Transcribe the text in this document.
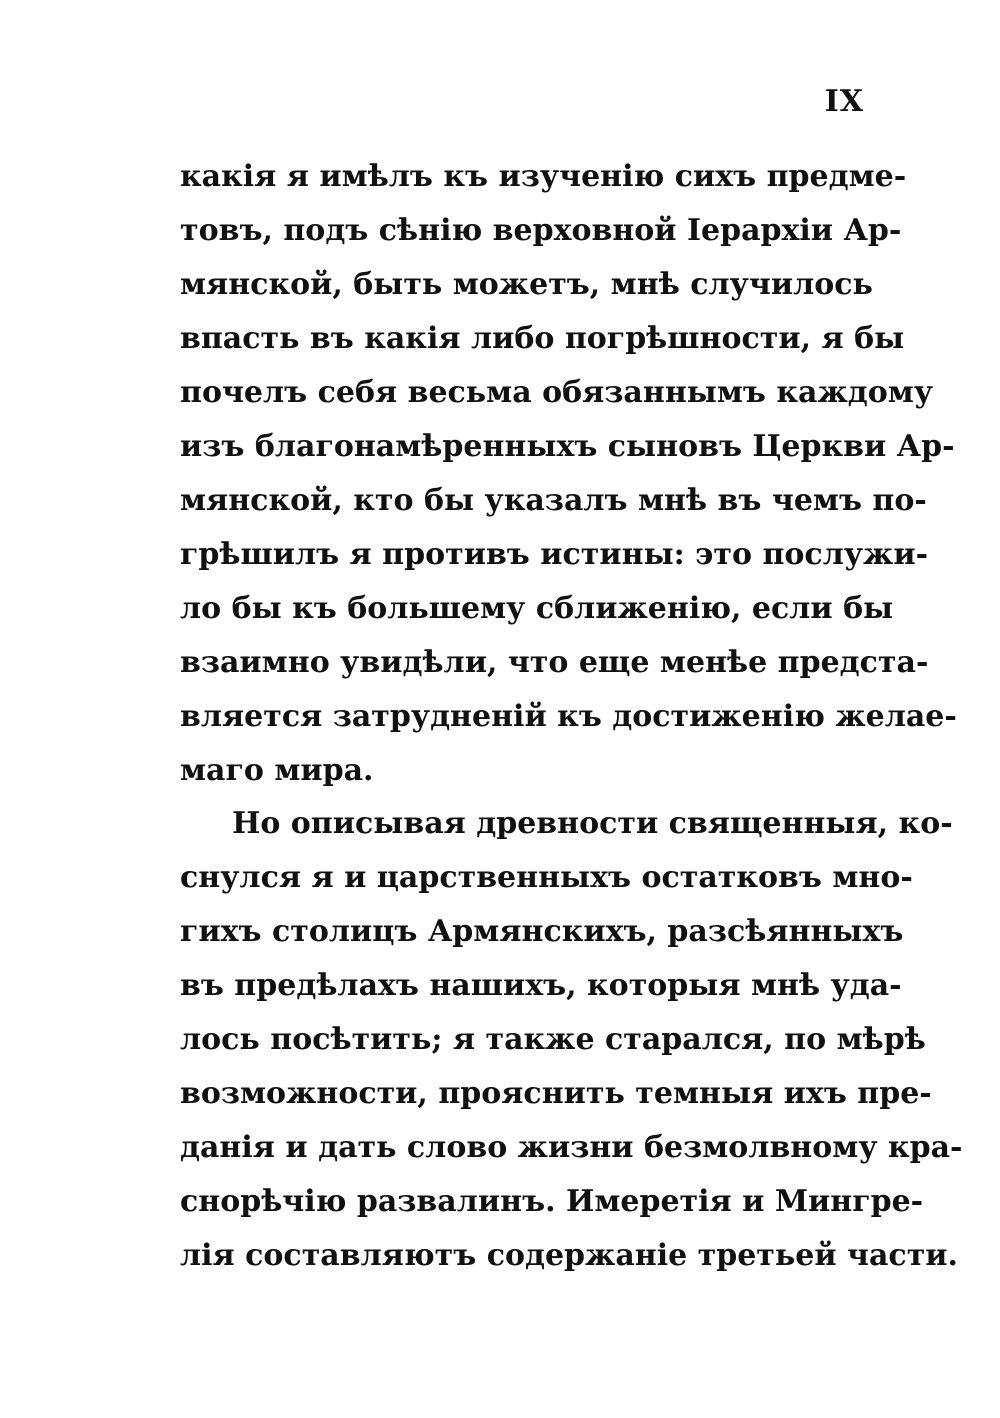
IX
какія я имѣлъ къ изученію сихъ предме-
товъ, подъ сѣнію верховной Іерархіи Ар-
мянской, быть можетъ, мнѣ случилось
впасть въ какія либо погрѣшности, я бы
почелъ себя весьма обязаннымъ каждому
изъ благонамѣренныхъ сыновъ Церкви Ар-
мянской, кто бы указалъ мнѣ въ чемъ по-
грѣшилъ я противъ истины: это послужи-
ло бы къ большему сближенію, если бы
взаимно увидѣли, что еще менѣе предста-
вляется затрудненій къ достиженію желае-
маго мира.
Но описывая древности священныя, ко-
снулся я и царственныхъ остатковъ мно-
гихъ столицъ Армянскихъ, разсѣянныхъ
въ предѣлахъ нашихъ, которыя мнѣ уда-
лось посѣтить; я также старался, по мѣрѣ
возможности, прояснить темныя ихъ пре-
данія и дать слово жизни безмолвному кра-
снорѣчію развалинъ. Имеретія и Мингре-
лія составляютъ содержаніе третьей части.
